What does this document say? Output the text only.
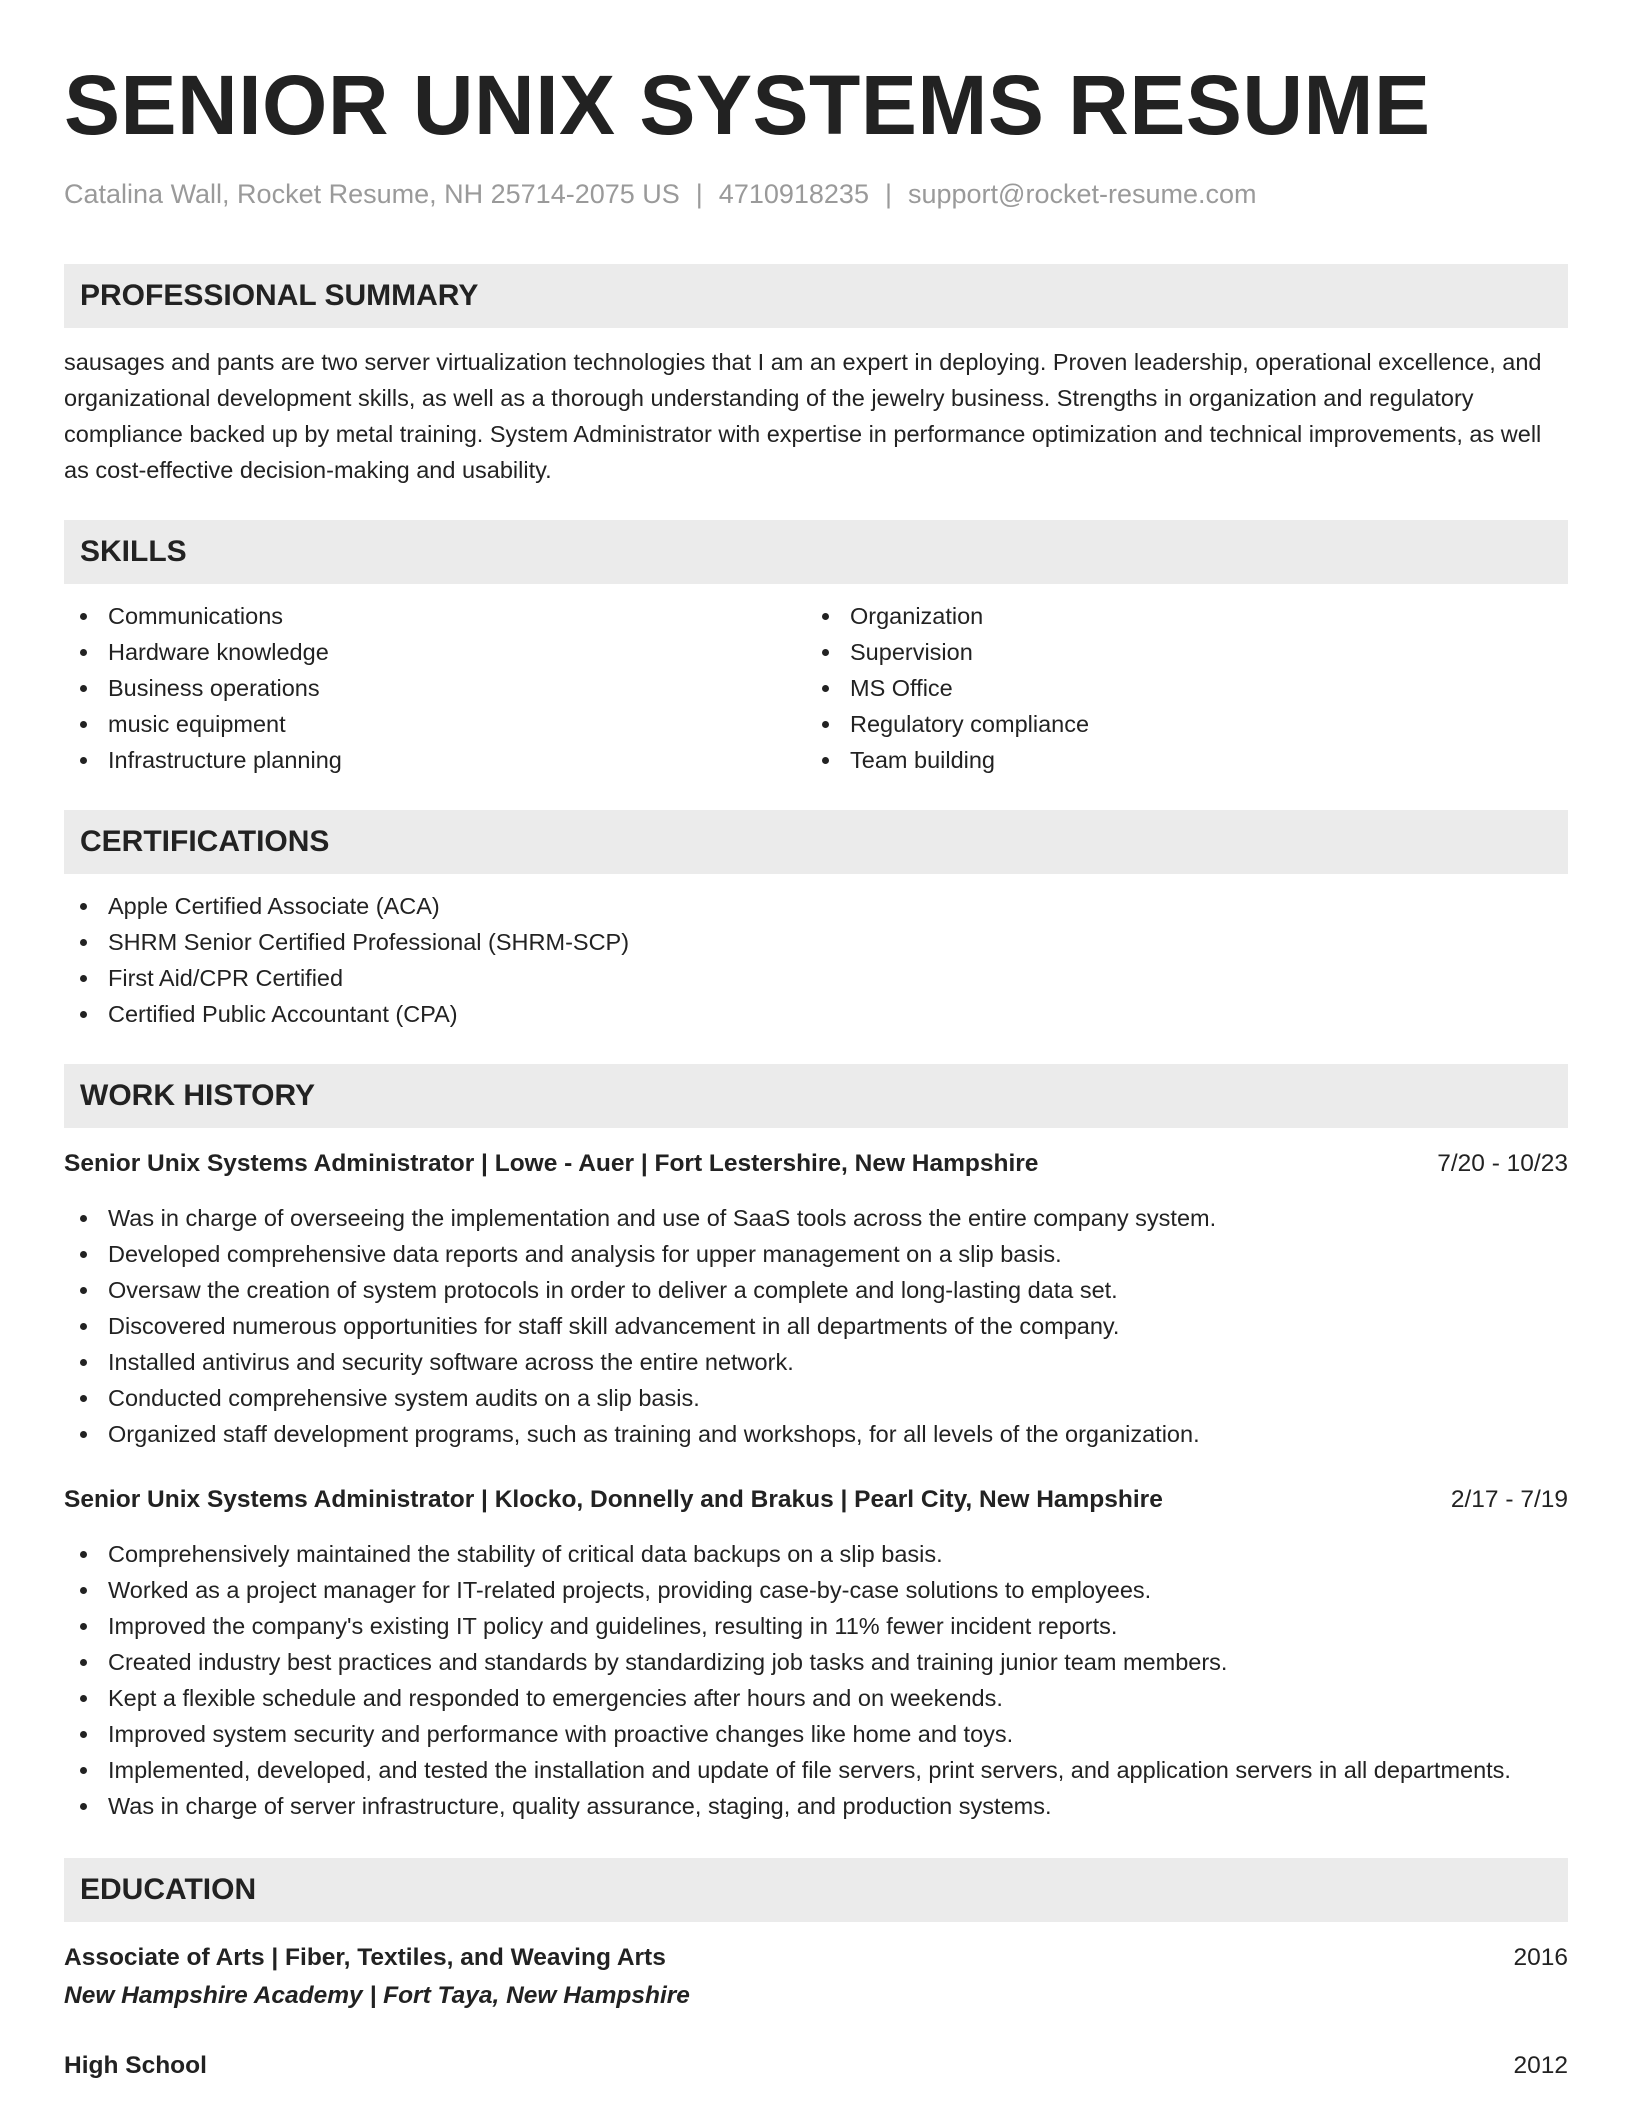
SENIOR UNIX SYSTEMS RESUME
Catalina Wall, Rocket Resume, NH 25714-2075 US | 4710918235 | support@rocket-resume.com
PROFESSIONAL SUMMARY
sausages and pants are two server virtualization technologies that I am an expert in deploying. Proven leadership, operational excellence, and organizational development skills, as well as a thorough understanding of the jewelry business. Strengths in organization and regulatory compliance backed up by metal training. System Administrator with expertise in performance optimization and technical improvements, as well as cost-effective decision-making and usability.
SKILLS
Communications
Hardware knowledge
Business operations
music equipment
Infrastructure planning
Organization
Supervision
MS Office
Regulatory compliance
Team building
CERTIFICATIONS
Apple Certified Associate (ACA)
SHRM Senior Certified Professional (SHRM-SCP)
First Aid/CPR Certified
Certified Public Accountant (CPA)
WORK HISTORY
Senior Unix Systems Administrator | Lowe - Auer | Fort Lestershire, New Hampshire	7/20 - 10/23
Was in charge of overseeing the implementation and use of SaaS tools across the entire company system.
Developed comprehensive data reports and analysis for upper management on a slip basis.
Oversaw the creation of system protocols in order to deliver a complete and long-lasting data set.
Discovered numerous opportunities for staff skill advancement in all departments of the company.
Installed antivirus and security software across the entire network.
Conducted comprehensive system audits on a slip basis.
Organized staff development programs, such as training and workshops, for all levels of the organization.
Senior Unix Systems Administrator | Klocko, Donnelly and Brakus | Pearl City, New Hampshire	2/17 - 7/19
Comprehensively maintained the stability of critical data backups on a slip basis.
Worked as a project manager for IT-related projects, providing case-by-case solutions to employees.
Improved the company's existing IT policy and guidelines, resulting in 11% fewer incident reports.
Created industry best practices and standards by standardizing job tasks and training junior team members.
Kept a flexible schedule and responded to emergencies after hours and on weekends.
Improved system security and performance with proactive changes like home and toys.
Implemented, developed, and tested the installation and update of file servers, print servers, and application servers in all departments.
Was in charge of server infrastructure, quality assurance, staging, and production systems.
EDUCATION
Associate of Arts | Fiber, Textiles, and Weaving Arts	2016
New Hampshire Academy | Fort Taya, New Hampshire
High School	2012
